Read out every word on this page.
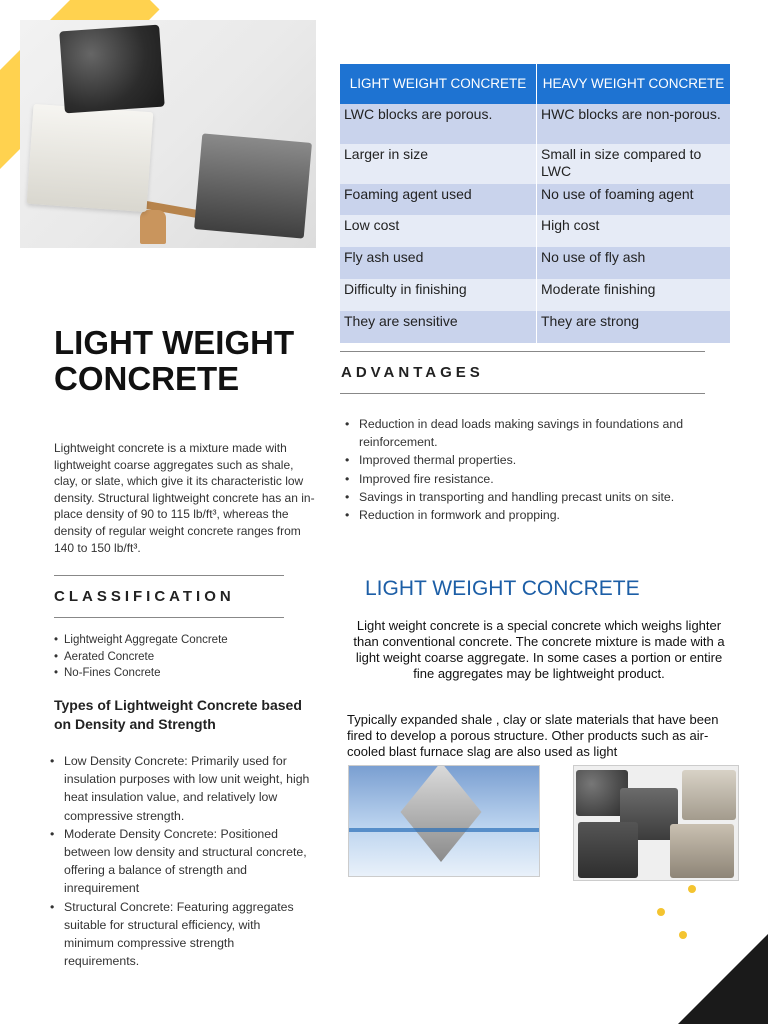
LIGHT WEIGHT CONCRETE	HEAVY WEIGHT CONCRETE
LWC blocks are porous.	HWC blocks are non-porous.
Larger in size	Small in size compared to LWC
Foaming agent used	No use of foaming agent
Low cost	High cost
Fly ash used	No use of fly ash
Difficulty in finishing	Moderate finishing
They are sensitive	They are strong
LIGHT WEIGHT CONCRETE
Lightweight concrete is a mixture made with lightweight coarse aggregates such as shale, clay, or slate, which give it its characteristic low density. Structural lightweight concrete has an in-place density of 90 to 115 lb/ft³, whereas the density of regular weight concrete ranges from 140 to 150 lb/ft³.
ADVANTAGES
• Reduction in dead loads making savings in foundations and reinforcement.
• Improved thermal properties.
• Improved fire resistance.
• Savings in transporting and handling precast units on site.
• Reduction in formwork and propping.
CLASSIFICATION
• Lightweight Aggregate Concrete
• Aerated Concrete
• No-Fines Concrete
Types of Lightweight Concrete based on Density and Strength
• Low Density Concrete: Primarily used for insulation purposes with low unit weight, high heat insulation value, and relatively low compressive strength.
• Moderate Density Concrete: Positioned between low density and structural concrete, offering a balance of strength and inrequirement
• Structural Concrete: Featuring aggregates suitable for structural efficiency, with minimum compressive strength requirements.
LIGHT WEIGHT CONCRETE
Light weight concrete is a special concrete which weighs lighter than conventional concrete. The concrete mixture is made with a light weight coarse aggregate. In some cases a portion or entire fine aggregates may be lightweight product.
Typically expanded shale , clay or slate materials that have been fired to develop a porous structure. Other products such as air-cooled blast furnace slag are also used as light
